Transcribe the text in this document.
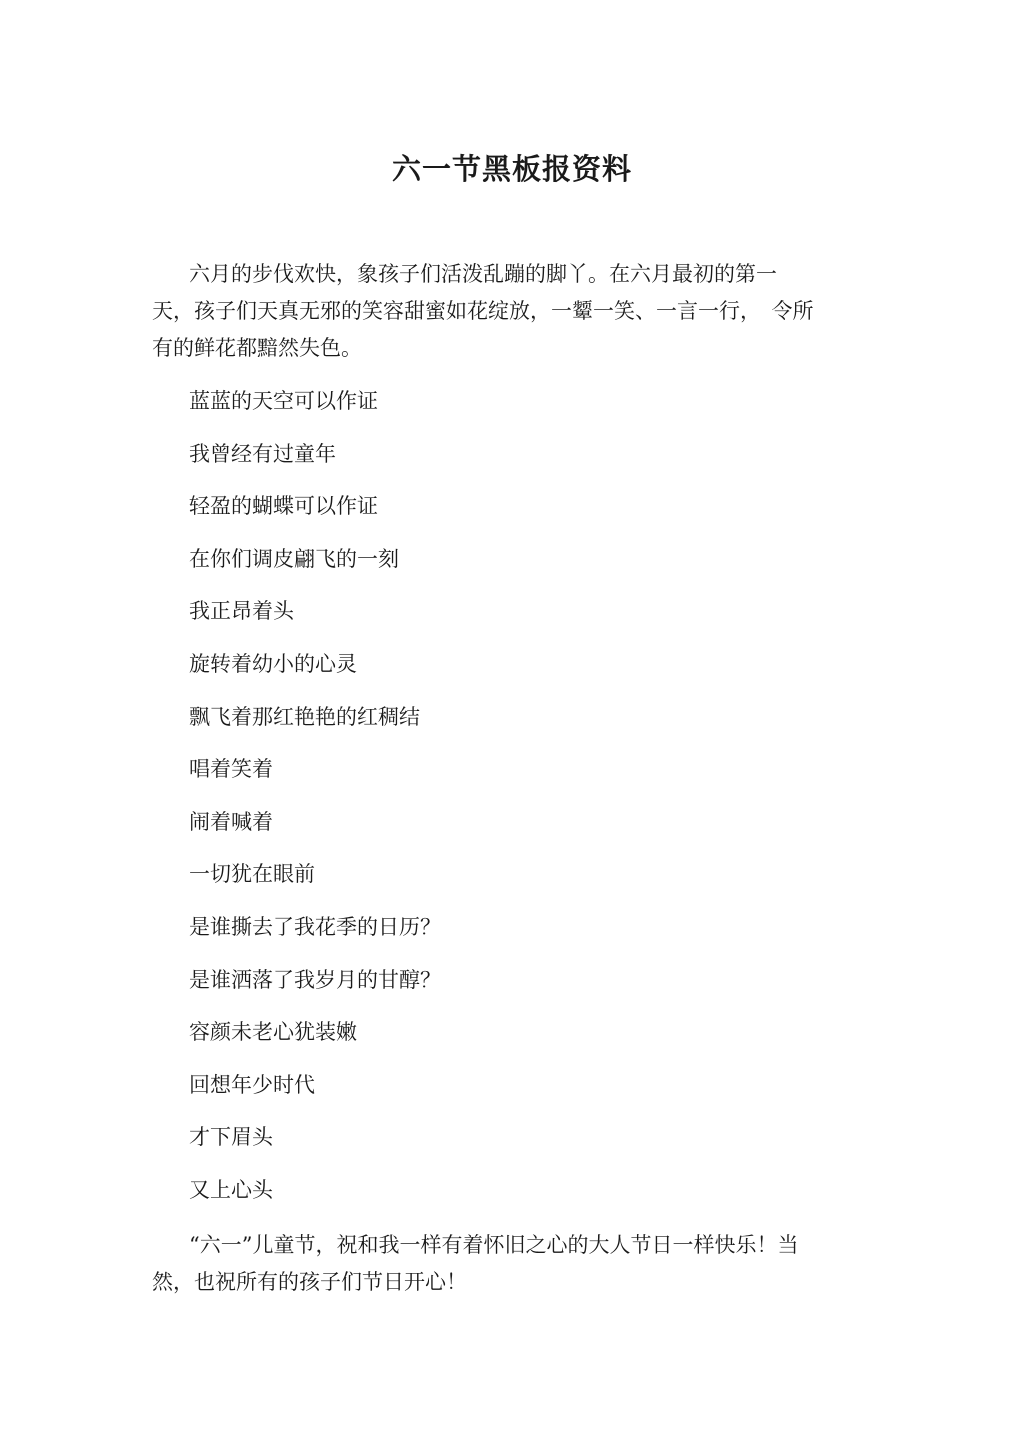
六一节黑板报资料

六月的步伐欢快，象孩子们活泼乱蹦的脚丫。在六月最初的第一　天，孩子们天真无邪的笑容甜蜜如花绽放，一颦一笑、一言一行，　令所有的鲜花都黯然失色。

蓝蓝的天空可以作证
我曾经有过童年
轻盈的蝴蝶可以作证
在你们调皮翩飞的一刻
我正昂着头
旋转着幼小的心灵
飘飞着那红艳艳的红稠结
唱着笑着
闹着喊着
一切犹在眼前
是谁撕去了我花季的日历？
是谁洒落了我岁月的甘醇？
容颜未老心犹装嫩
回想年少时代
才下眉头
又上心头

“六一”儿童节，祝和我一样有着怀旧之心的大人节日一样快乐！当然，也祝所有的孩子们节日开心！
